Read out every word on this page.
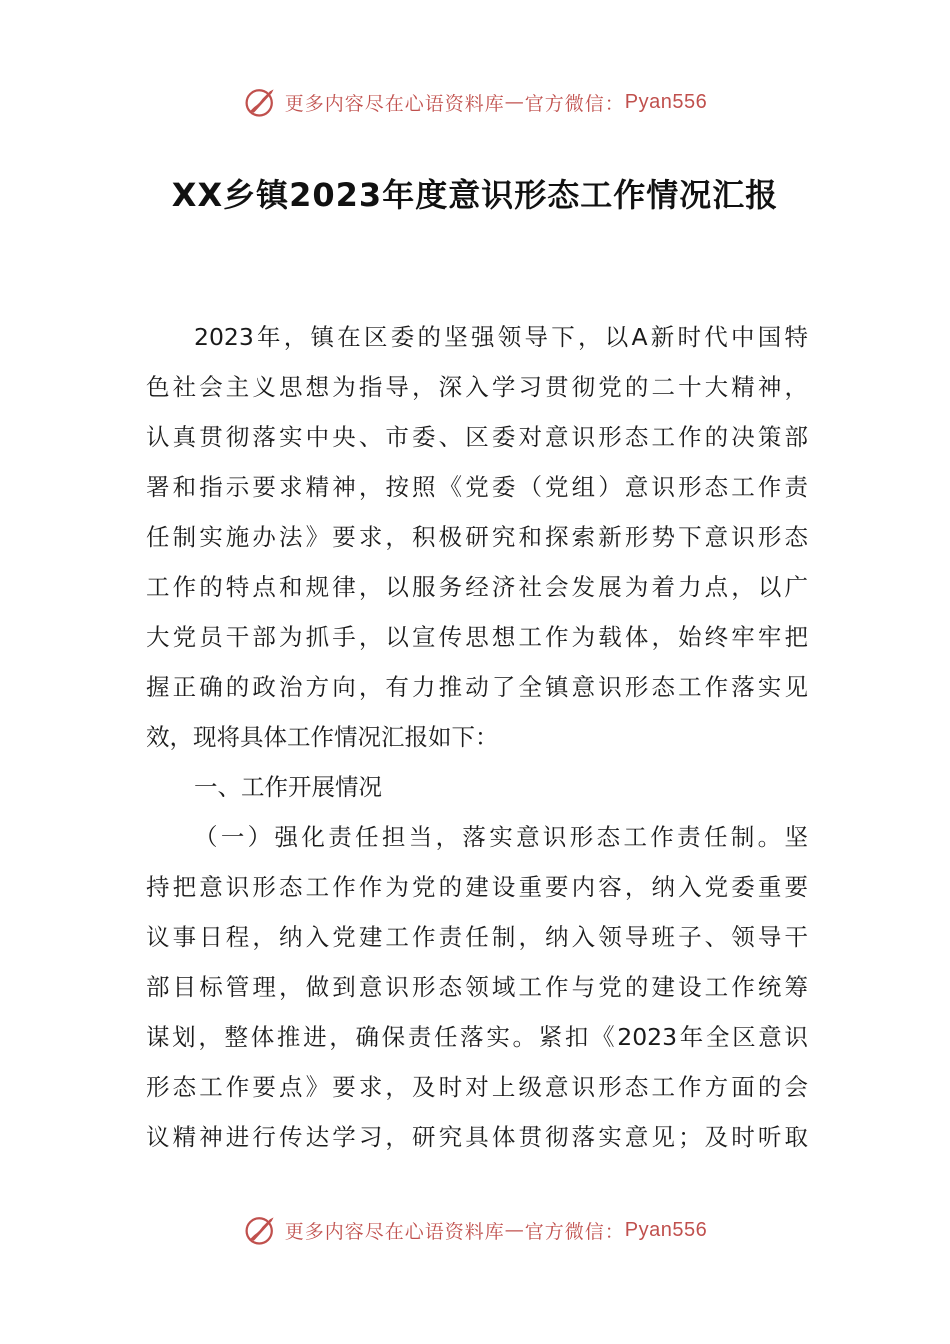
更多内容尽在心语资料库 — 官方微信： Pyan556
XX乡镇2023年度意识形态工作情况汇报
2023年，镇在区委的坚强领导下，以A新时代中国特
色社会主义思想为指导，深入学习贯彻党的二十大精神，
认真贯彻落实中央、市委、区委对意识形态工作的决策部
署和指示要求精神，按照《党委（党组）意识形态工作责
任制实施办法》要求，积极研究和探索新形势下意识形态
工作的特点和规律，以服务经济社会发展为着力点，以广
大党员干部为抓手，以宣传思想工作为载体，始终牢牢把
握正确的政治方向，有力推动了全镇意识形态工作落实见
效，现将具体工作情况汇报如下：
一、工作开展情况
（一）强化责任担当，落实意识形态工作责任制。坚
持把意识形态工作作为党的建设重要内容，纳入党委重要
议事日程，纳入党建工作责任制，纳入领导班子、领导干
部目标管理，做到意识形态领域工作与党的建设工作统筹
谋划，整体推进，确保责任落实。紧扣《2023年全区意识
形态工作要点》要求，及时对上级意识形态工作方面的会
议精神进行传达学习，研究具体贯彻落实意见；及时听取
更多内容尽在心语资料库 — 官方微信： Pyan556
